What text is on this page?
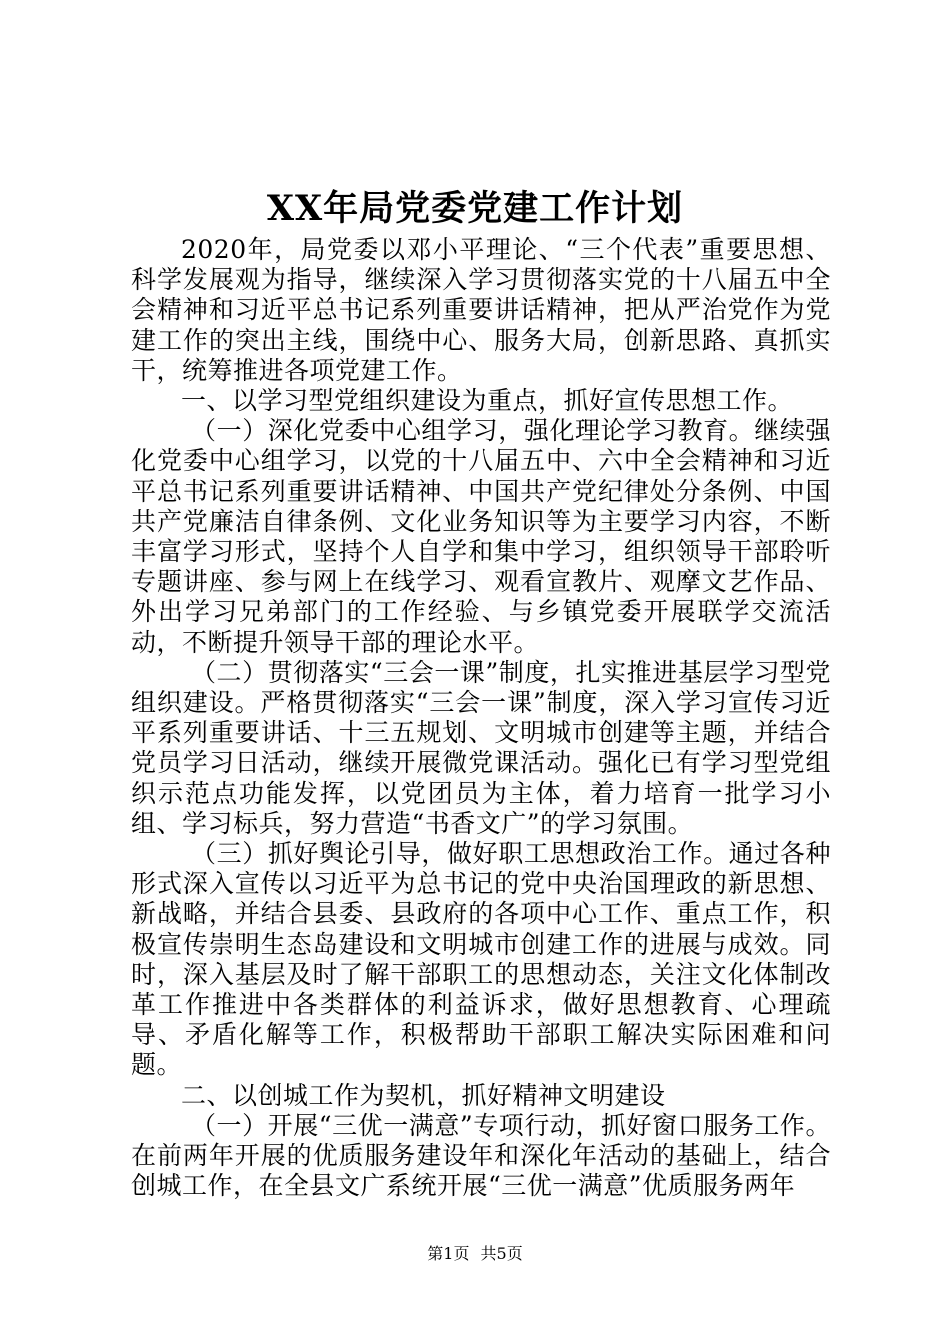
XX年局党委党建工作计划

2020年，局党委以邓小平理论、“三个代表”重要思想、科学发展观为指导，继续深入学习贯彻落实党的十八届五中全会精神和习近平总书记系列重要讲话精神，把从严治党作为党建工作的突出主线，围绕中心、服务大局，创新思路、真抓实干，统筹推进各项党建工作。

一、以学习型党组织建设为重点，抓好宣传思想工作。

（一）深化党委中心组学习，强化理论学习教育。继续强化党委中心组学习，以党的十八届五中、六中全会精神和习近平总书记系列重要讲话精神、中国共产党纪律处分条例、中国共产党廉洁自律条例、文化业务知识等为主要学习内容，不断丰富学习形式，坚持个人自学和集中学习，组织领导干部聆听专题讲座、参与网上在线学习、观看宣教片、观摩文艺作品、外出学习兄弟部门的工作经验、与乡镇党委开展联学交流活动，不断提升领导干部的理论水平。

（二）贯彻落实“三会一课”制度，扎实推进基层学习型党组织建设。严格贯彻落实“三会一课”制度，深入学习宣传习近平系列重要讲话、十三五规划、文明城市创建等主题，并结合党员学习日活动，继续开展微党课活动。强化已有学习型党组织示范点功能发挥，以党团员为主体，着力培育一批学习小组、学习标兵，努力营造“书香文广”的学习氛围。

（三）抓好舆论引导，做好职工思想政治工作。通过各种形式深入宣传以习近平为总书记的党中央治国理政的新思想、新战略，并结合县委、县政府的各项中心工作、重点工作，积极宣传崇明生态岛建设和文明城市创建工作的进展与成效。同时，深入基层及时了解干部职工的思想动态，关注文化体制改革工作推进中各类群体的利益诉求，做好思想教育、心理疏导、矛盾化解等工作，积极帮助干部职工解决实际困难和问题。

二、以创城工作为契机，抓好精神文明建设

（一）开展“三优一满意”专项行动，抓好窗口服务工作。在前两年开展的优质服务建设年和深化年活动的基础上，结合创城工作，在全县文广系统开展“三优一满意”优质服务两年

第1页 共5页
